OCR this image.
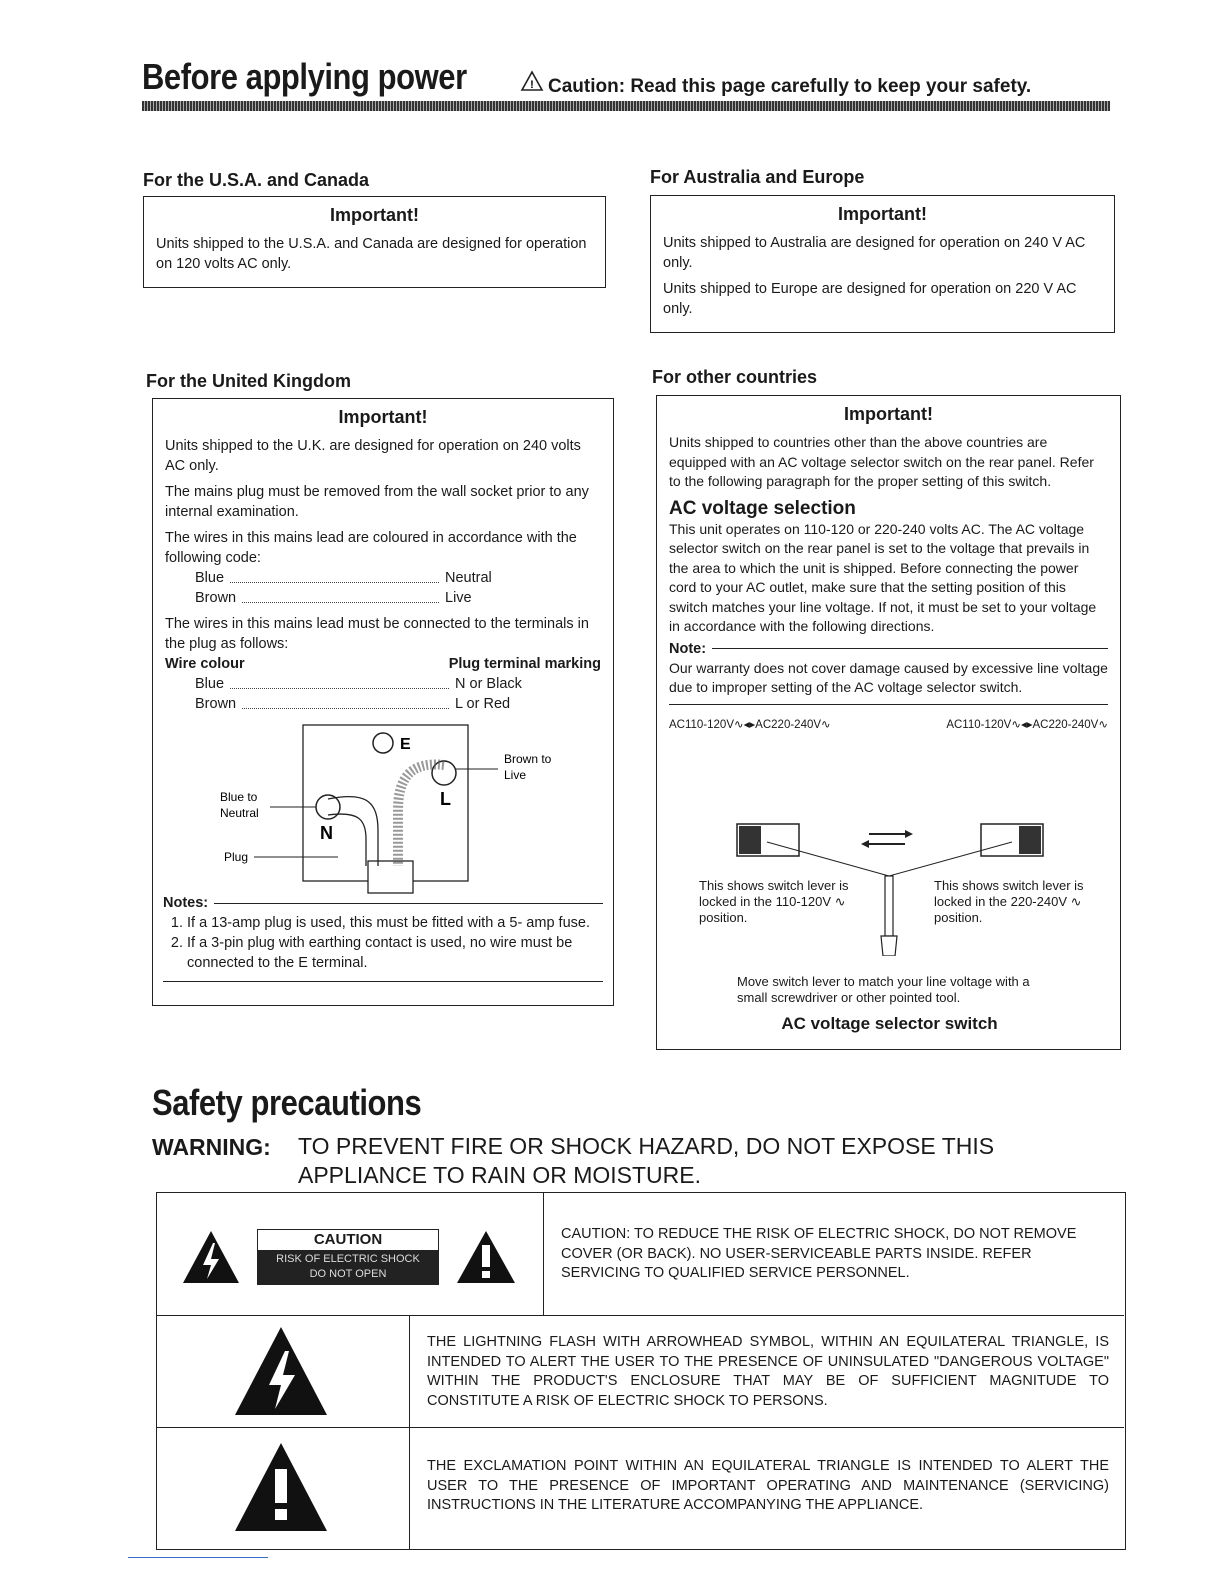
Before applying power	! Caution: Read this page carefully to keep your safety.
For the U.S.A. and Canada
Important!

Units shipped to the U.S.A. and Canada are designed for operation on 120 volts AC only.

For Australia and Europe
Important!

Units shipped to Australia are designed for operation on 240 V AC only.

Units shipped to Europe are designed for operation on 220 V AC only.

For the United Kingdom
Important!

Units shipped to the U.K. are designed for operation on 240 volts AC only.

The mains plug must be removed from the wall socket prior to any internal examination.

The wires in this mains lead are coloured in accordance with the following code:

Blue	Neutral
Brown	Live

The wires in this mains lead must be connected to the terminals in the plug as follows:

Wire colour	Plug terminal marking
Blue	N or Black
Brown	L or Red
E
L
N
Brown to
Live
Blue to
Neutral
Plug
Notes:
1. If a 13-amp plug is used, this must be fitted with a 5- amp fuse.
2. If a 3-pin plug with earthing contact is used, no wire must be connected to the E terminal.
For other countries
Important!

Units shipped to countries other than the above countries are equipped with an AC voltage selector switch on the rear panel. Refer to the following paragraph for the proper setting of this switch.

AC voltage selection

This unit operates on 110-120 or 220-240 volts AC. The AC voltage selector switch on the rear panel is set to the voltage that prevails in the area to which the unit is shipped. Before connecting the power cord to your AC outlet, make sure that the setting position of this switch matches your line voltage. If not, it must be set to your voltage in accordance with the following directions.

Note:

Our warranty does not cover damage caused by excessive line voltage due to improper setting of the AC voltage selector switch.

AC110-120V∿◂▸AC220-240V∿	AC110-120V∿◂▸AC220-240V∿

This shows switch lever is locked in the 110-120V ∿ position.

This shows switch lever is locked in the 220-240V ∿ position.

Move switch lever to match your line voltage with a small screwdriver or other pointed tool.

AC voltage selector switch
Safety precautions
WARNING: TO PREVENT FIRE OR SHOCK HAZARD, DO NOT EXPOSE THIS APPLIANCE TO RAIN OR MOISTURE.
CAUTION
RISK OF ELECTRIC SHOCK
DO NOT OPEN

CAUTION: TO REDUCE THE RISK OF ELECTRIC SHOCK, DO NOT REMOVE COVER (OR BACK). NO USER-SERVICEABLE PARTS INSIDE. REFER SERVICING TO QUALIFIED SERVICE PERSONNEL.

THE LIGHTNING FLASH WITH ARROWHEAD SYMBOL, WITHIN AN EQUILATERAL TRIANGLE, IS INTENDED TO ALERT THE USER TO THE PRESENCE OF UNINSULATED "DANGEROUS VOLTAGE" WITHIN THE PRODUCT'S ENCLOSURE THAT MAY BE OF SUFFICIENT MAGNITUDE TO CONSTITUTE A RISK OF ELECTRIC SHOCK TO PERSONS.

THE EXCLAMATION POINT WITHIN AN EQUILATERAL TRIANGLE IS INTENDED TO ALERT THE USER TO THE PRESENCE OF IMPORTANT OPERATING AND MAINTENANCE (SERVICING) INSTRUCTIONS IN THE LITERATURE ACCOMPANYING THE APPLIANCE.
